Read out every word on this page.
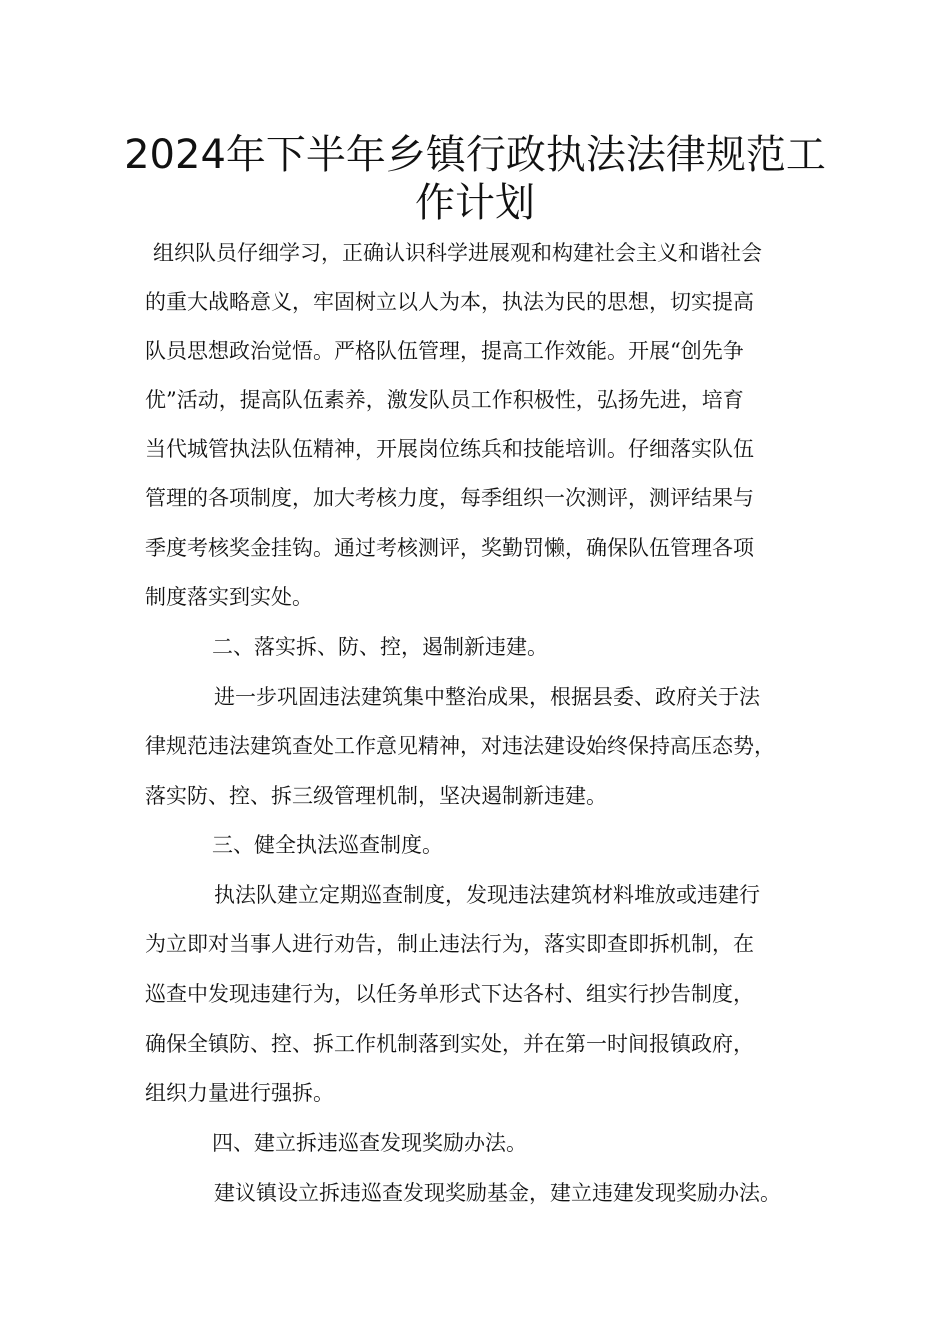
2024年下半年乡镇行政执法法律规范工
作计划
组织队员仔细学习，正确认识科学进展观和构建社会主义和谐社会
的重大战略意义，牢固树立以人为本，执法为民的思想，切实提高
队员思想政治觉悟。严格队伍管理，提高工作效能。开展“创先争
优”活动，提高队伍素养，激发队员工作积极性，弘扬先进，培育
当代城管执法队伍精神，开展岗位练兵和技能培训。仔细落实队伍
管理的各项制度，加大考核力度，每季组织一次测评，测评结果与
季度考核奖金挂钩。通过考核测评，奖勤罚懒，确保队伍管理各项
制度落实到实处。
二、落实拆、防、控，遏制新违建。
进一步巩固违法建筑集中整治成果，根据县委、政府关于法
律规范违法建筑查处工作意见精神，对违法建设始终保持高压态势，
落实防、控、拆三级管理机制，坚决遏制新违建。
三、健全执法巡查制度。
执法队建立定期巡查制度，发现违法建筑材料堆放或违建行
为立即对当事人进行劝告，制止违法行为，落实即查即拆机制，在
巡查中发现违建行为，以任务单形式下达各村、组实行抄告制度，
确保全镇防、控、拆工作机制落到实处，并在第一时间报镇政府，
组织力量进行强拆。
四、建立拆违巡查发现奖励办法。
建议镇设立拆违巡查发现奖励基金，建立违建发现奖励办法。
